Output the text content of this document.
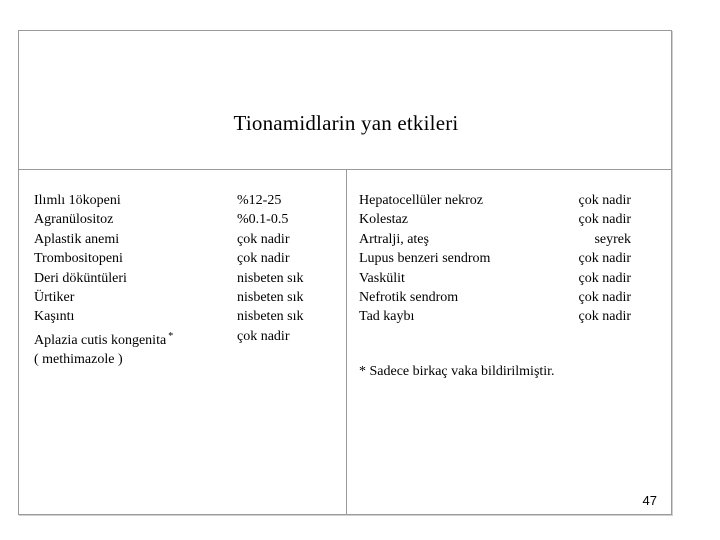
Tionamidlarin yan etkileri
Ilımlı 1ökopeni
Agranülositoz
Aplastik anemi
Trombositopeni
Deri döküntüleri
Ürtiker
Kaşıntı
Aplazia cutis kongenita *
( methimazole )
%12-25
%0.1-0.5
çok nadir
çok nadir
nisbeten sık
nisbeten sık
nisbeten sık
çok nadir
Hepatocellüler nekroz
Kolestaz
Artralji, ateş
Lupus benzeri sendrom
Vaskülit
Nefrotik sendrom
Tad kaybı
çok nadir
çok nadir
seyrek
çok nadir
çok nadir
çok nadir
çok nadir
* Sadece birkaç vaka bildirilmiştir.
47
